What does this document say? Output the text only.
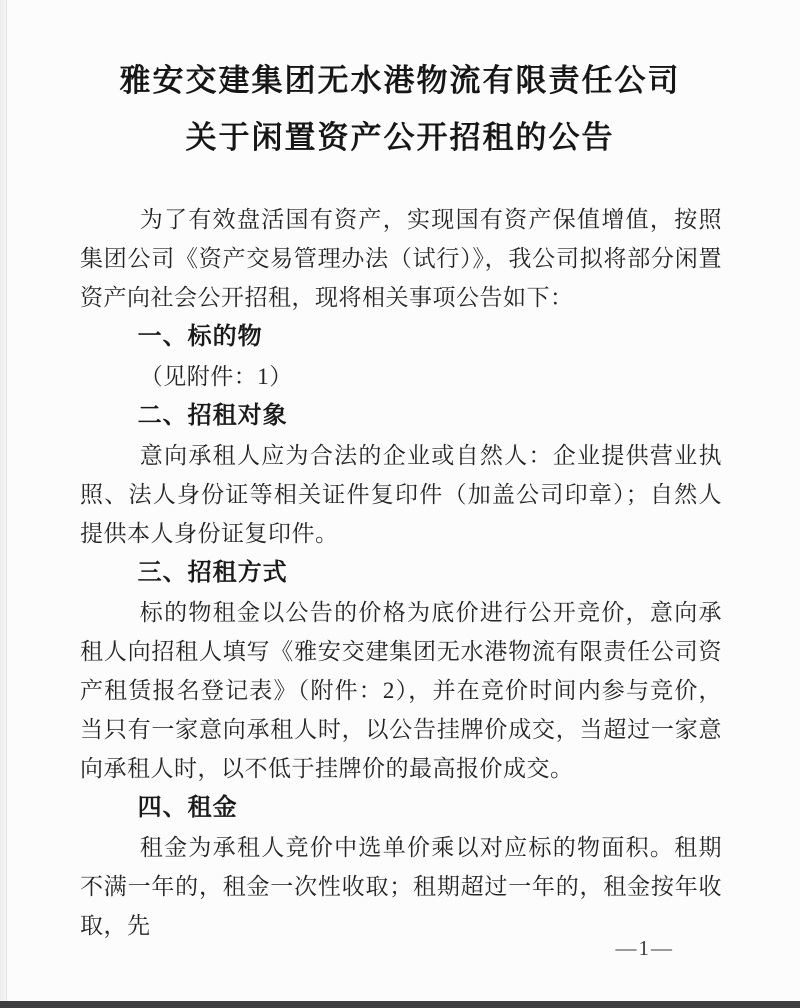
雅安交建集团无水港物流有限责任公司
关于闲置资产公开招租的公告

为了有效盘活国有资产，实现国有资产保值增值，按照集团公司《资产交易管理办法（试行）》，我公司拟将部分闲置资产向社会公开招租，现将相关事项公告如下：

一、标的物

（见附件：1）

二、招租对象

意向承租人应为合法的企业或自然人：企业提供营业执照、法人身份证等相关证件复印件（加盖公司印章）；自然人提供本人身份证复印件。

三、招租方式

标的物租金以公告的价格为底价进行公开竞价，意向承租人向招租人填写《雅安交建集团无水港物流有限责任公司资产租赁报名登记表》（附件：2），并在竞价时间内参与竞价，当只有一家意向承租人时，以公告挂牌价成交，当超过一家意向承租人时，以不低于挂牌价的最高报价成交。

四、租金

租金为承租人竞价中选单价乘以对应标的物面积。租期不满一年的，租金一次性收取；租期超过一年的，租金按年收取，先

—1—
